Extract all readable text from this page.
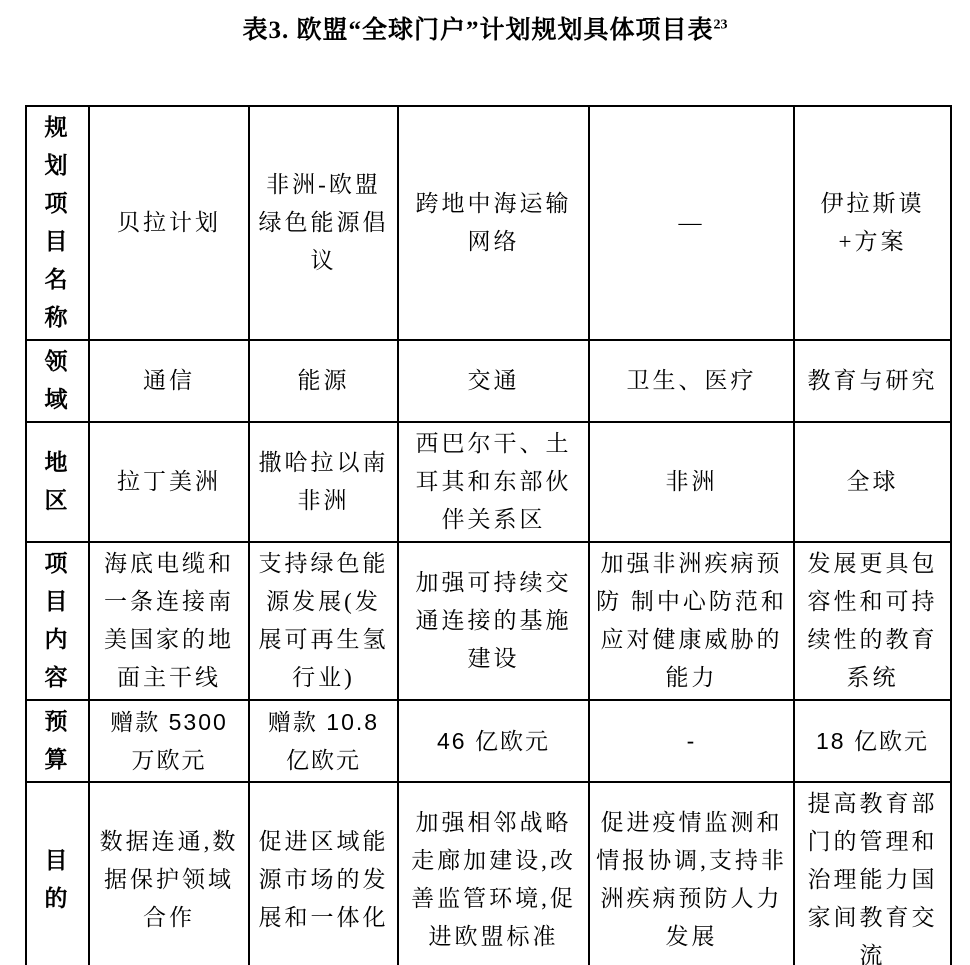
表3. 欧盟“全球门户”计划规划具体项目表$^{23}$
规划项目名称	贝拉计划	非洲-欧盟绿色能源倡议	跨地中海运输网络	—	伊拉斯谟+方案
领域	通信	能源	交通	卫生、医疗	教育与研究
地区	拉丁美洲	撒哈拉以南非洲	西巴尔干、土耳其和东部伙伴关系区	非洲	全球
项目内容	海底电缆和一条连接南美国家的地面主干线	支持绿色能源发展(发展可再生氢行业)	加强可持续交通连接的基施建设	加强非洲疾病预防 制中心防范和应对健康威胁的能力	发展更具包容性和可持续性的教育系统
预算	赠款 5300 万欧元	赠款 10.8 亿欧元	46 亿欧元	-	18 亿欧元
目的	数据连通,数据保护领域合作	促进区域能源市场的发展和一体化	加强相邻战略走廊加建设,改善监管环境,促进欧盟标准	促进疫情监测和情报协调,支持非洲疾病预防人力发展	提高教育部门的管理和治理能力国家间教育交流
